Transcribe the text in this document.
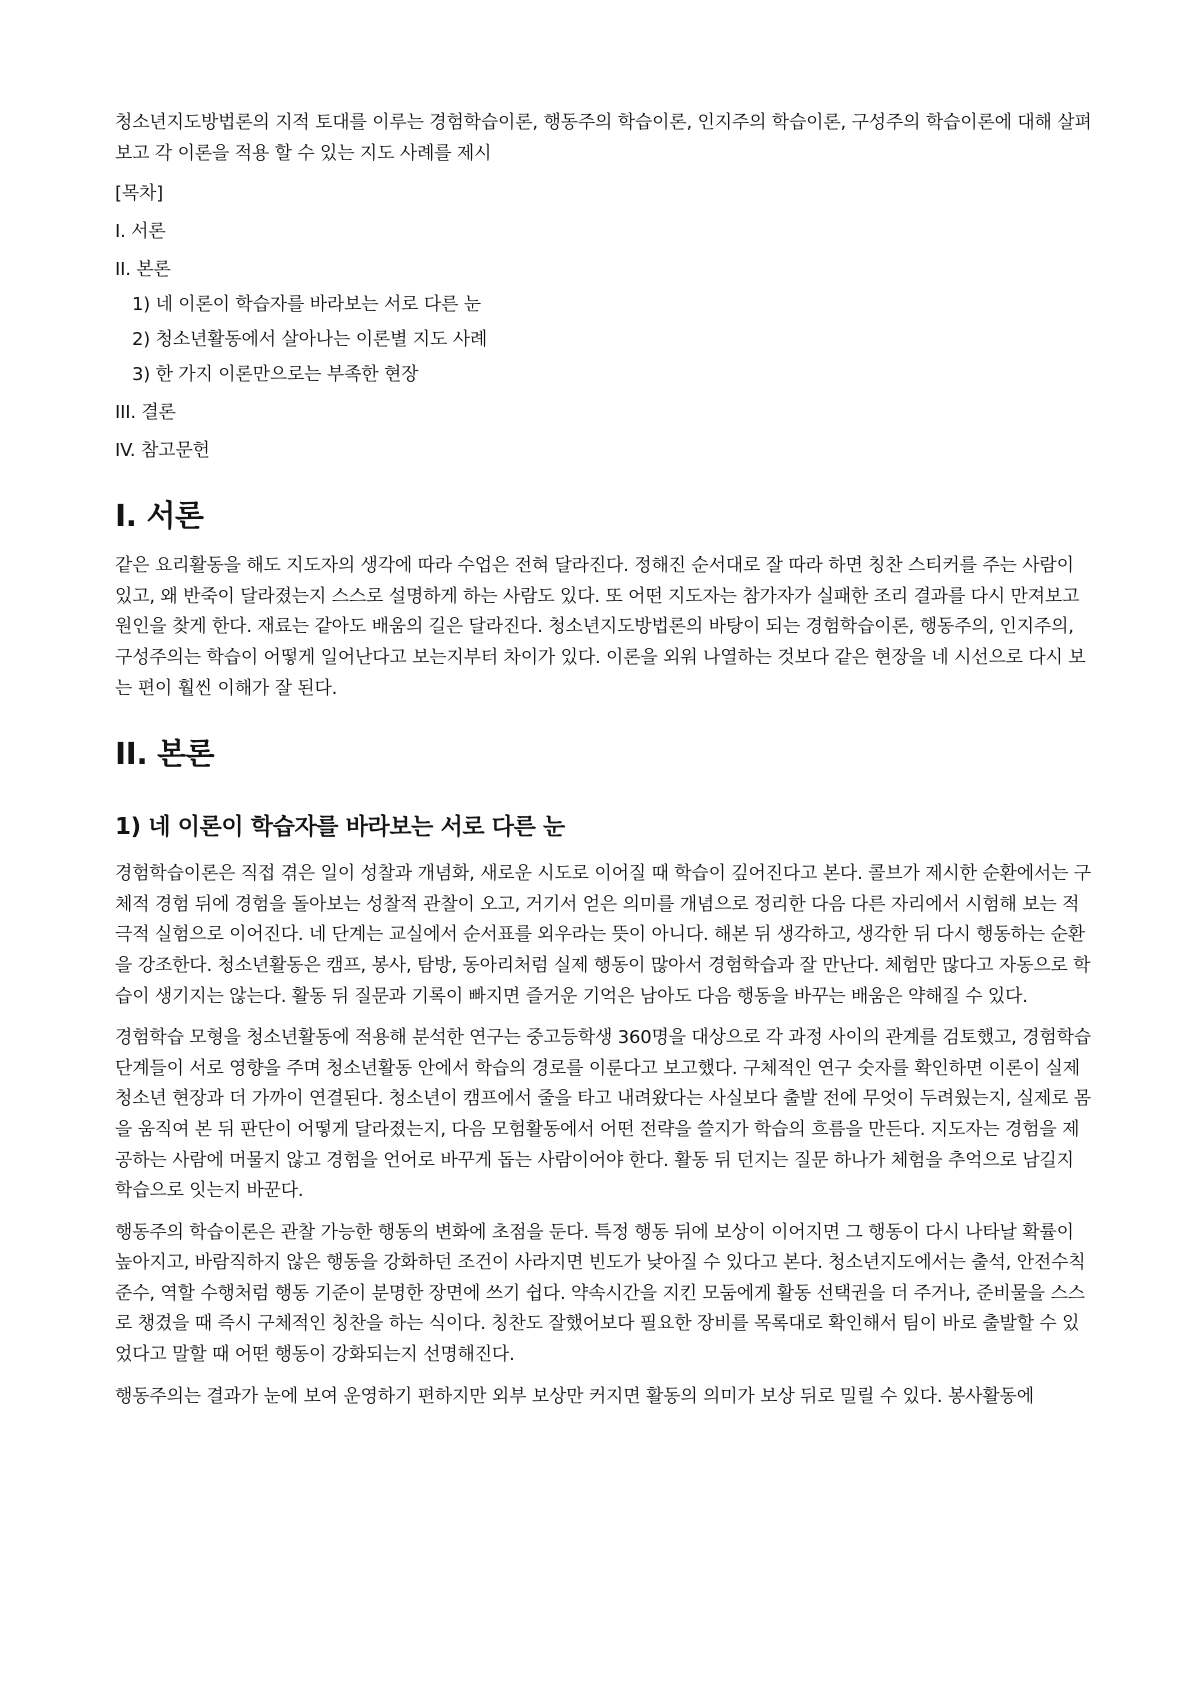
청소년지도방법론의 지적 토대를 이루는 경험학습이론, 행동주의 학습이론, 인지주의 학습이론, 구성주의 학습이론에 대해 살펴 보고 각 이론을 적용 할 수 있는 지도 사례를 제시

[목차]
I. 서론
II. 본론
1) 네 이론이 학습자를 바라보는 서로 다른 눈
2) 청소년활동에서 살아나는 이론별 지도 사례
3) 한 가지 이론만으로는 부족한 현장
III. 결론
IV. 참고문헌
I. 서론

같은 요리활동을 해도 지도자의 생각에 따라 수업은 전혀 달라진다. 정해진 순서대로 잘 따라 하면 칭찬 스티커를 주는 사람이 있고, 왜 반죽이 달라졌는지 스스로 설명하게 하는 사람도 있다. 또 어떤 지도자는 참가자가 실패한 조리 결과를 다시 만져보고 원인을 찾게 한다. 재료는 같아도 배움의 길은 달라진다. 청소년지도방법론의 바탕이 되는 경험학습이론, 행동주의, 인지주의, 구성주의는 학습이 어떻게 일어난다고 보는지부터 차이가 있다. 이론을 외워 나열하는 것보다 같은 현장을 네 시선으로 다시 보는 편이 훨씬 이해가 잘 된다.

II. 본론
1) 네 이론이 학습자를 바라보는 서로 다른 눈

경험학습이론은 직접 겪은 일이 성찰과 개념화, 새로운 시도로 이어질 때 학습이 깊어진다고 본다. 콜브가 제시한 순환에서는 구체적 경험 뒤에 경험을 돌아보는 성찰적 관찰이 오고, 거기서 얻은 의미를 개념으로 정리한 다음 다른 자리에서 시험해 보는 적극적 실험으로 이어진다. 네 단계는 교실에서 순서표를 외우라는 뜻이 아니다. 해본 뒤 생각하고, 생각한 뒤 다시 행동하는 순환을 강조한다. 청소년활동은 캠프, 봉사, 탐방, 동아리처럼 실제 행동이 많아서 경험학습과 잘 만난다. 체험만 많다고 자동으로 학습이 생기지는 않는다. 활동 뒤 질문과 기록이 빠지면 즐거운 기억은 남아도 다음 행동을 바꾸는 배움은 약해질 수 있다.

경험학습 모형을 청소년활동에 적용해 분석한 연구는 중고등학생 360명을 대상으로 각 과정 사이의 관계를 검토했고, 경험학습 단계들이 서로 영향을 주며 청소년활동 안에서 학습의 경로를 이룬다고 보고했다. 구체적인 연구 숫자를 확인하면 이론이 실제 청소년 현장과 더 가까이 연결된다. 청소년이 캠프에서 줄을 타고 내려왔다는 사실보다 출발 전에 무엇이 두려웠는지, 실제로 몸을 움직여 본 뒤 판단이 어떻게 달라졌는지, 다음 모험활동에서 어떤 전략을 쓸지가 학습의 흐름을 만든다. 지도자는 경험을 제공하는 사람에 머물지 않고 경험을 언어로 바꾸게 돕는 사람이어야 한다. 활동 뒤 던지는 질문 하나가 체험을 추억으로 남길지 학습으로 잇는지 바꾼다.

행동주의 학습이론은 관찰 가능한 행동의 변화에 초점을 둔다. 특정 행동 뒤에 보상이 이어지면 그 행동이 다시 나타날 확률이 높아지고, 바람직하지 않은 행동을 강화하던 조건이 사라지면 빈도가 낮아질 수 있다고 본다. 청소년지도에서는 출석, 안전수칙 준수, 역할 수행처럼 행동 기준이 분명한 장면에 쓰기 쉽다. 약속시간을 지킨 모둠에게 활동 선택권을 더 주거나, 준비물을 스스로 챙겼을 때 즉시 구체적인 칭찬을 하는 식이다. 칭찬도 잘했어보다 필요한 장비를 목록대로 확인해서 팀이 바로 출발할 수 있었다고 말할 때 어떤 행동이 강화되는지 선명해진다.

행동주의는 결과가 눈에 보여 운영하기 편하지만 외부 보상만 커지면 활동의 의미가 보상 뒤로 밀릴 수 있다. 봉사활동에
